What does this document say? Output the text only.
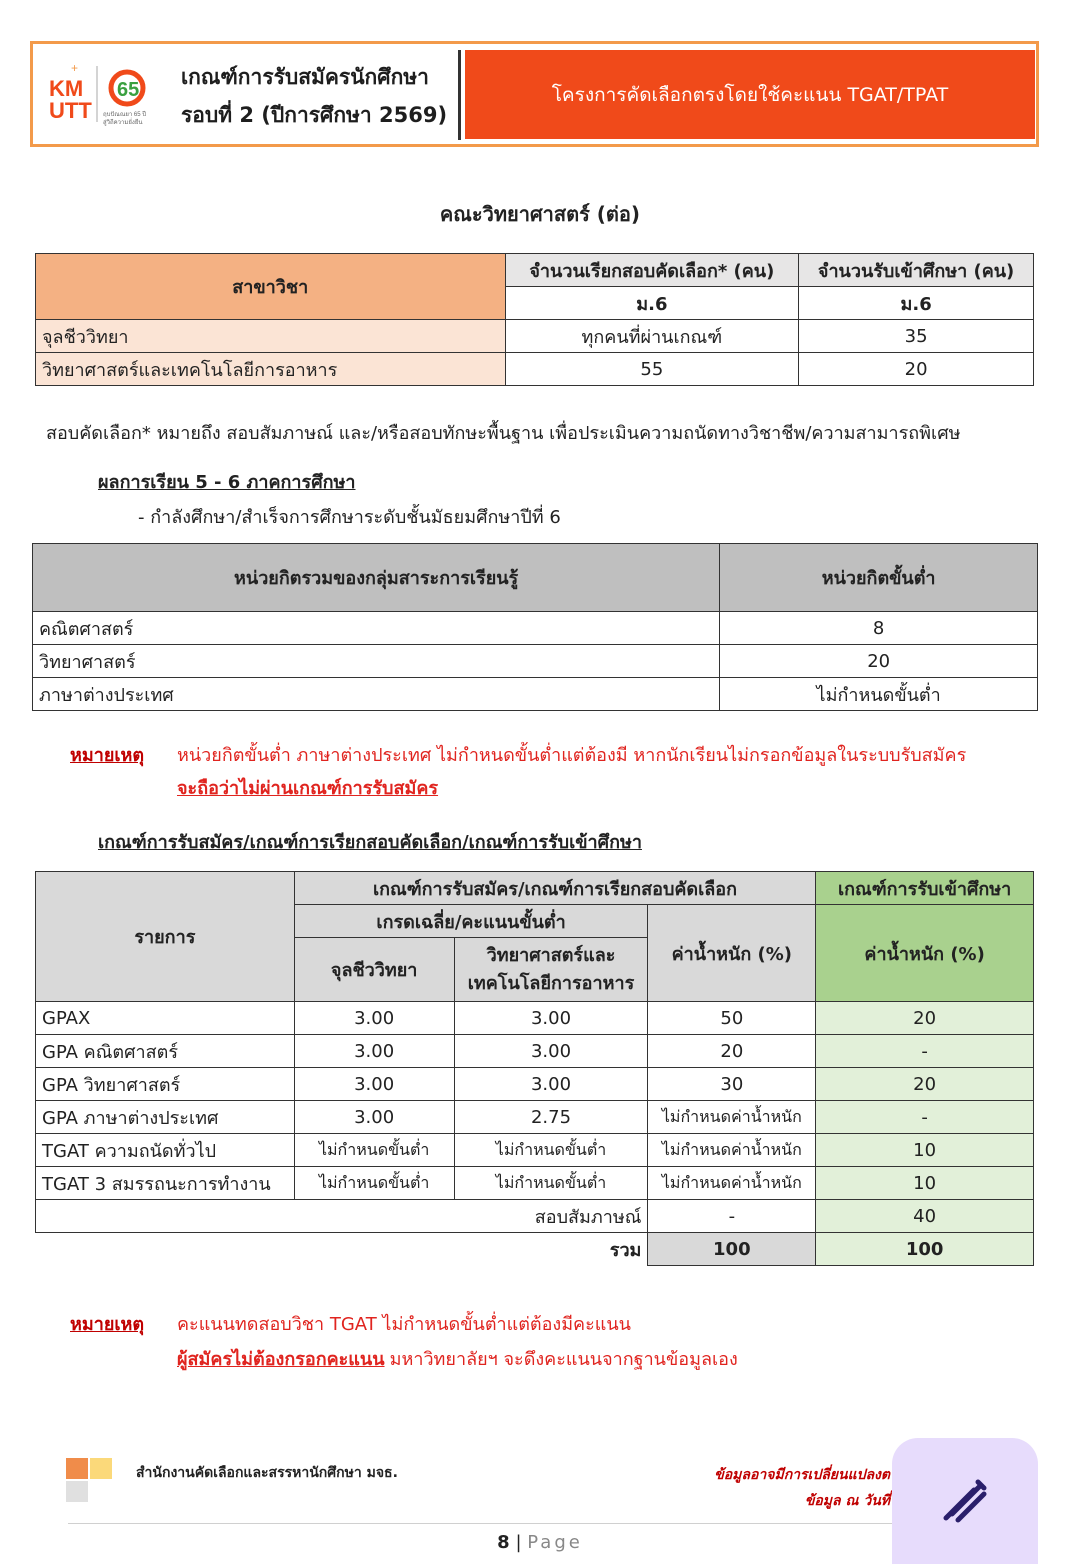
KM
UTT
+
65
ฤบปัณณยา 65 ปี
สู่วิถีความยั่งยืน
เกณฑ์การรับสมัครนักศึกษา
รอบที่ 2 (ปีการศึกษา 2569)
โครงการคัดเลือกตรงโดยใช้คะแนน TGAT/TPAT
คณะวิทยาศาสตร์ (ต่อ)
สาขาวิชา	จำนวนเรียกสอบคัดเลือก* (คน)	จำนวนรับเข้าศึกษา (คน)
	ม.6	ม.6
จุลชีววิทยา	ทุกคนที่ผ่านเกณฑ์	35
วิทยาศาสตร์และเทคโนโลยีการอาหาร	55	20
สอบคัดเลือก* หมายถึง สอบสัมภาษณ์ และ/หรือสอบทักษะพื้นฐาน เพื่อประเมินความถนัดทางวิชาชีพ/ความสามารถพิเศษ
ผลการเรียน 5 - 6 ภาคการศึกษา
- กำลังศึกษา/สำเร็จการศึกษาระดับชั้นมัธยมศึกษาปีที่ 6
หน่วยกิตรวมของกลุ่มสาระการเรียนรู้	หน่วยกิตขั้นต่ำ
คณิตศาสตร์	8
วิทยาศาสตร์	20
ภาษาต่างประเทศ	ไม่กำหนดขั้นต่ำ
หมายเหตุ หน่วยกิตขั้นต่ำ ภาษาต่างประเทศ ไม่กำหนดขั้นต่ำแต่ต้องมี หากนักเรียนไม่กรอกข้อมูลในระบบรับสมัคร
จะถือว่าไม่ผ่านเกณฑ์การรับสมัคร
เกณฑ์การรับสมัคร/เกณฑ์การเรียกสอบคัดเลือก/เกณฑ์การรับเข้าศึกษา
รายการ	เกณฑ์การรับสมัคร/เกณฑ์การเรียกสอบคัดเลือก			เกณฑ์การรับเข้าศึกษา
	เกรดเฉลี่ย/คะแนนขั้นต่ำ		ค่าน้ำหนัก (%)	ค่าน้ำหนัก (%)
	จุลชีววิทยา	วิทยาศาสตร์และ
เทคโนโลยีการอาหาร		

GPAX	3.00	3.00	50	20
GPA คณิตศาสตร์	3.00	3.00	20	-
GPA วิทยาศาสตร์	3.00	3.00	30	20
GPA ภาษาต่างประเทศ	3.00	2.75	ไม่กำหนดค่าน้ำหนัก	-
TGAT ความถนัดทั่วไป	ไม่กำหนดขั้นต่ำ	ไม่กำหนดขั้นต่ำ	ไม่กำหนดค่าน้ำหนัก	10
TGAT 3 สมรรถนะการทำงาน	ไม่กำหนดขั้นต่ำ	ไม่กำหนดขั้นต่ำ	ไม่กำหนดค่าน้ำหนัก	10
สอบสัมภาษณ์			-	40
รวม			100	100
หมายเหตุ คะแนนทดสอบวิชา TGAT ไม่กำหนดขั้นต่ำแต่ต้องมีคะแนน
ผู้สมัครไม่ต้องกรอกคะแนน มหาวิทยาลัยฯ จะดึงคะแนนจากฐานข้อมูลเอง
สำนักงานคัดเลือกและสรรหานักศึกษา มจธ.	ข้อมูลอาจมีการเปลี่ยนแปลงต
ข้อมูล ณ วันที่
8 | Page
